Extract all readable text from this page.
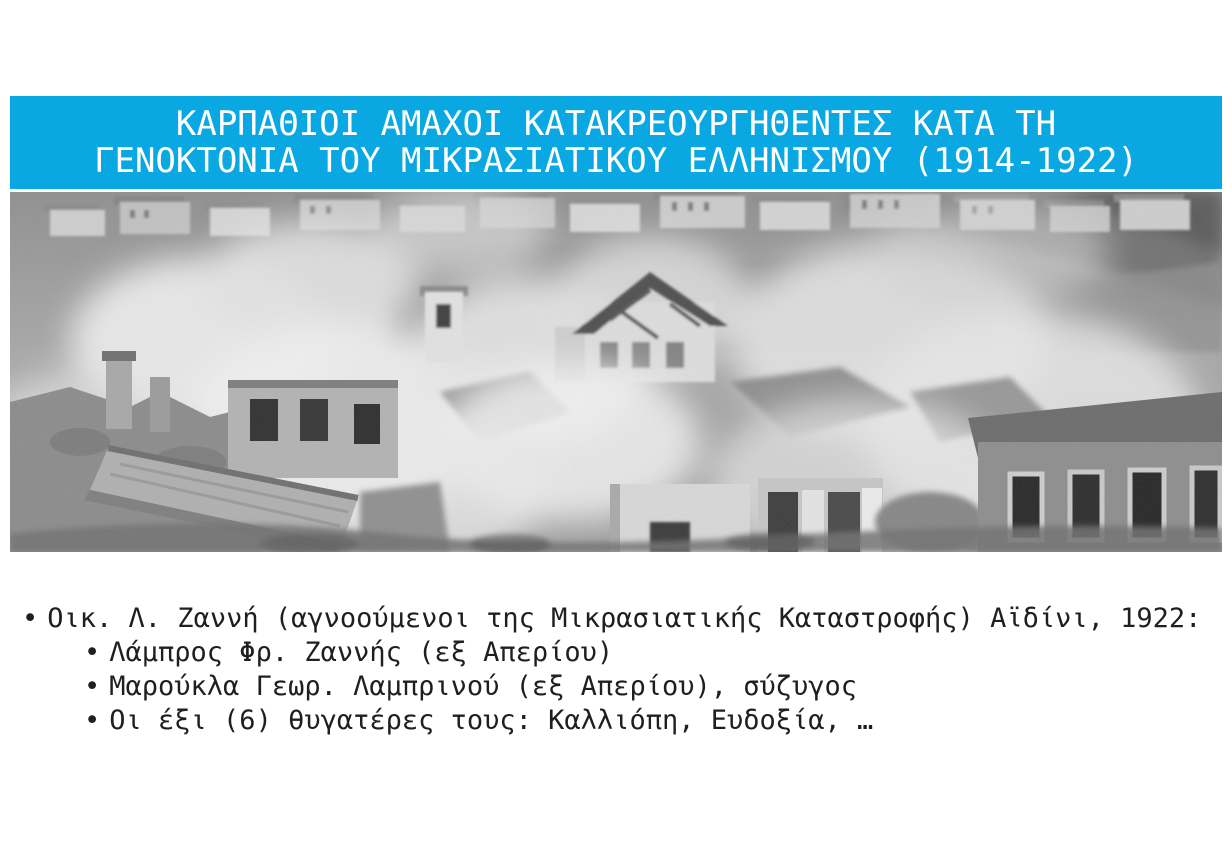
ΚΑΡΠΑΘΙΟΙ ΑΜΑΧΟΙ ΚΑΤΑΚΡΕΟΥΡΓΗΘΕΝΤΕΣ ΚΑΤΑ ΤΗ
ΓΕΝΟΚΤΟΝΙΑ ΤΟΥ ΜΙΚΡΑΣΙΑΤΙΚΟΥ ΕΛΛΗΝΙΣΜΟΥ (1914-1922)
• Οικ. Λ. Ζαννή (αγνοούμενοι της Μικρασιατικής Καταστροφής) Αϊδίνι, 1922:
• Λάμπρος Φρ. Ζαννής (εξ Απερίου)
• Μαρούκλα Γεωρ. Λαμπρινού (εξ Απερίου), σύζυγος
• Οι έξι (6) θυγατέρες τους: Καλλιόπη, Ευδοξία, …
